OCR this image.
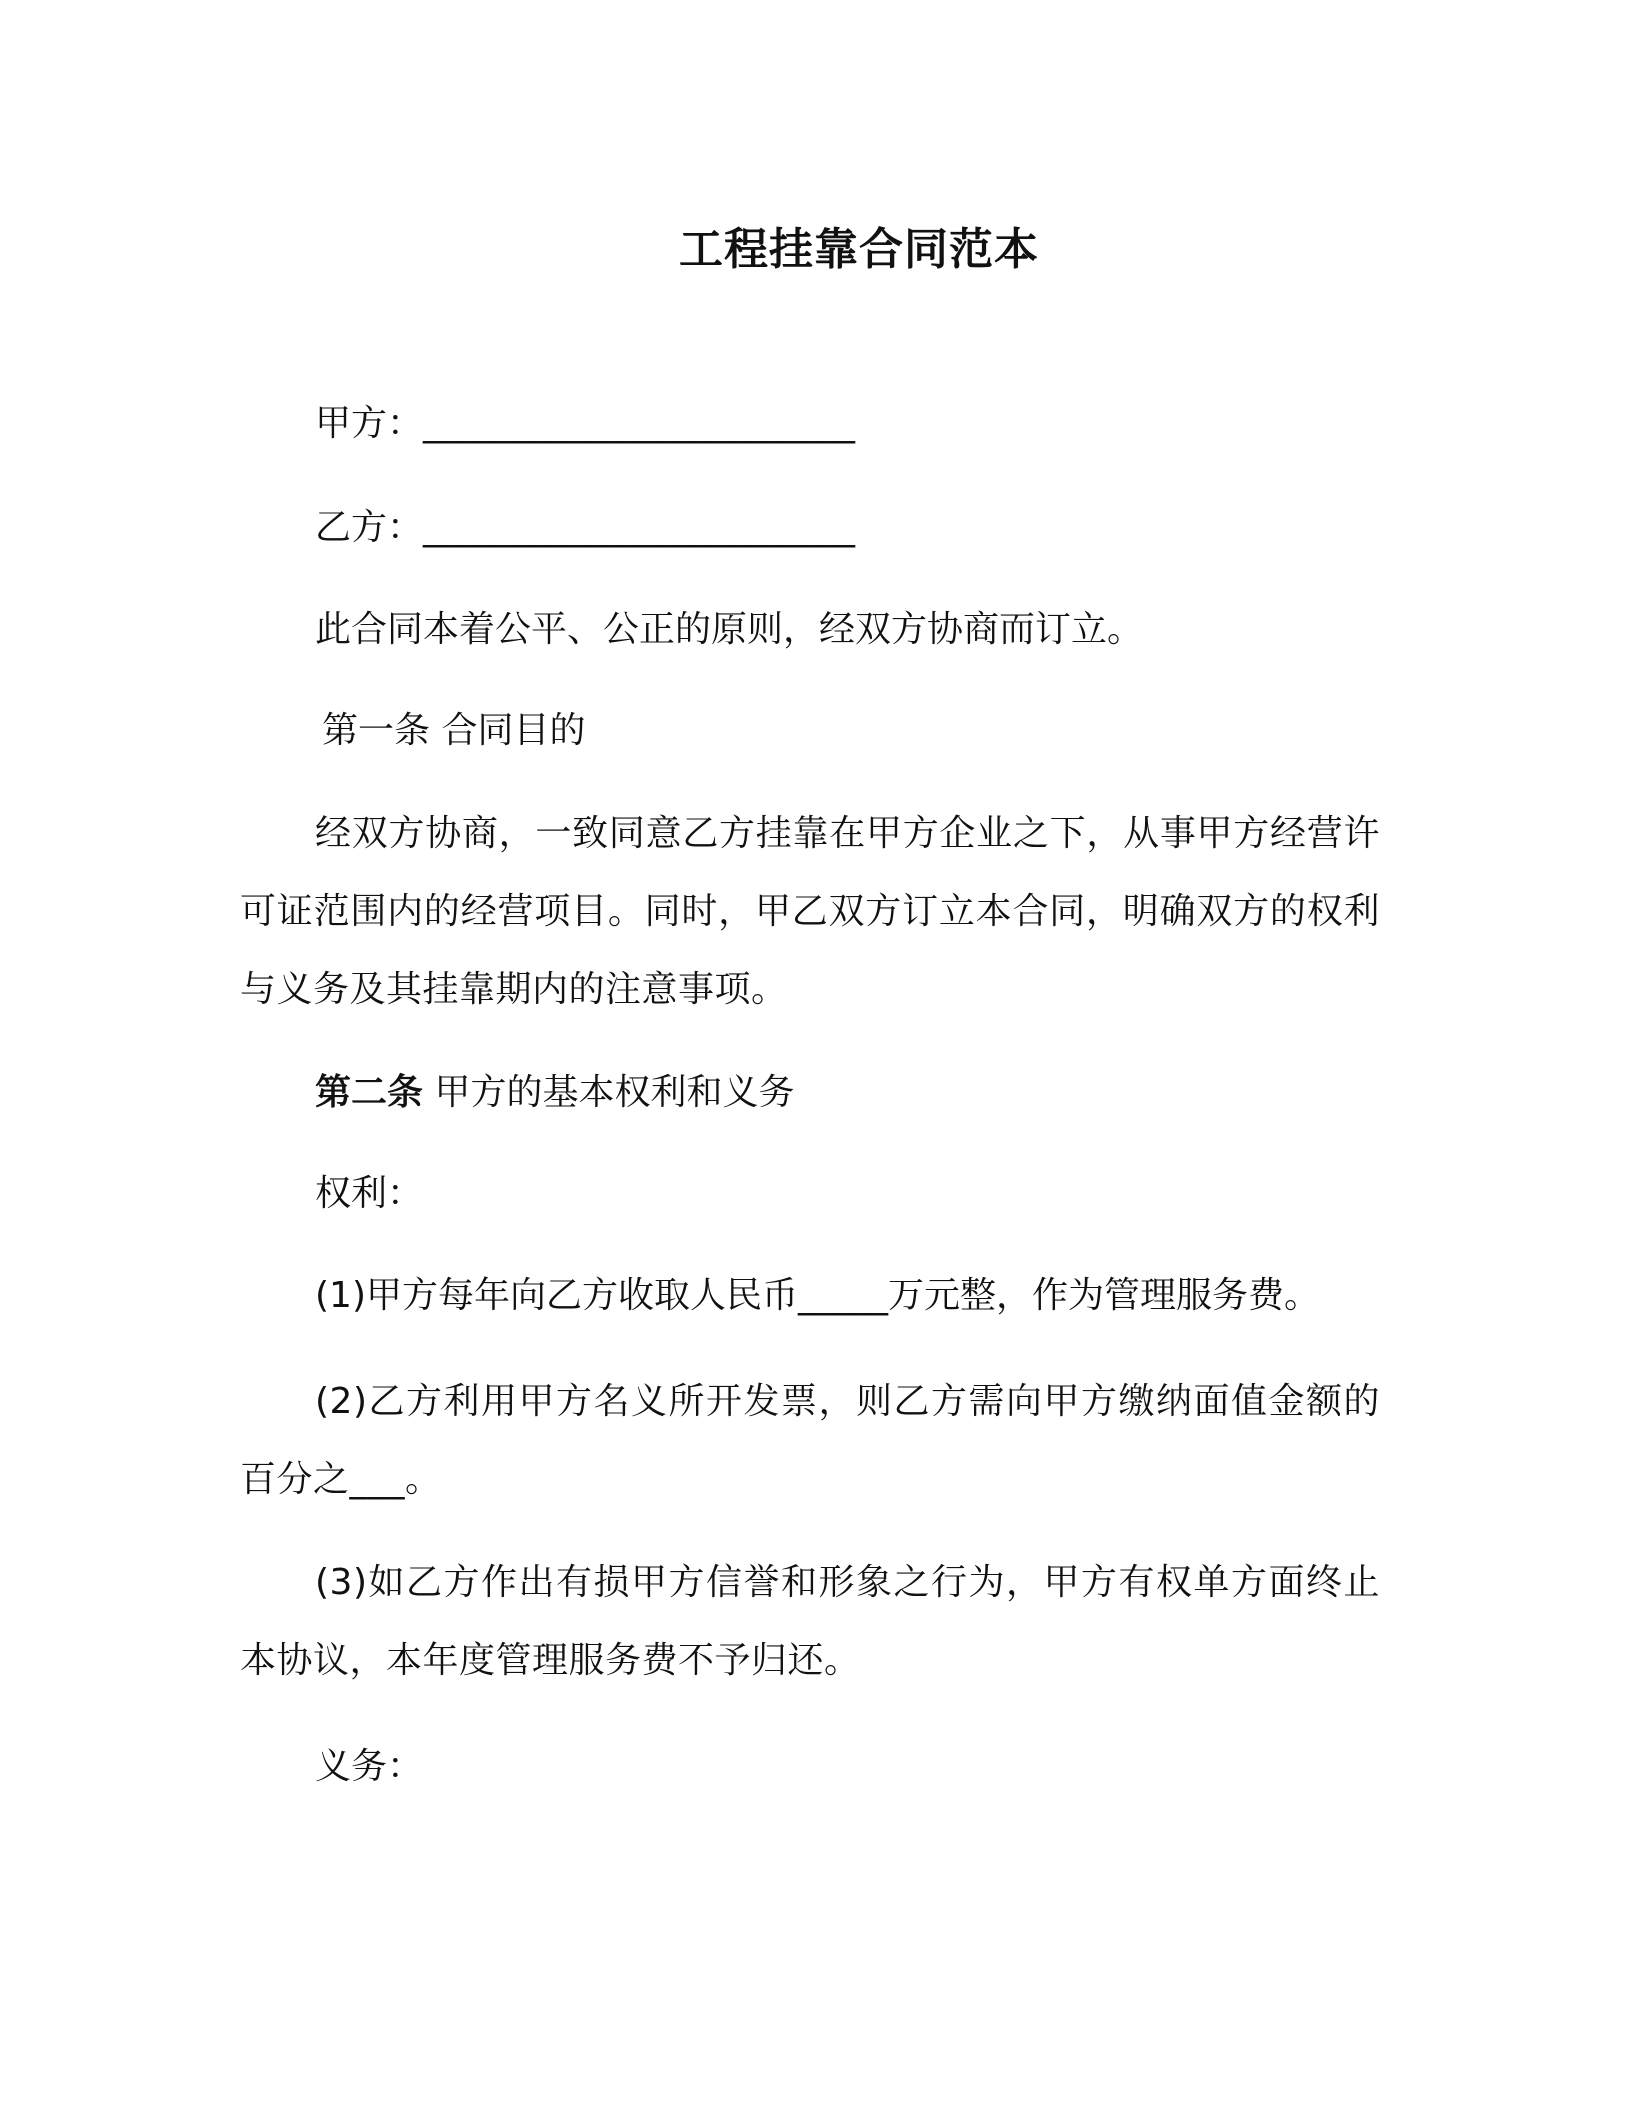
工程挂靠合同范本
甲方：________________________
乙方：________________________
此合同本着公平、公正的原则，经双方协商而订立。
第一条 合同目的
经双方协商，一致同意乙方挂靠在甲方企业之下，从事甲方经营许可证范围内的经营项目。同时，甲乙双方订立本合同，明确双方的权利与义务及其挂靠期内的注意事项。
第二条 甲方的基本权利和义务
权利：
(1)甲方每年向乙方收取人民币_____万元整，作为管理服务费。
(2)乙方利用甲方名义所开发票，则乙方需向甲方缴纳面值金额的百分之___。
(3)如乙方作出有损甲方信誉和形象之行为，甲方有权单方面终止本协议，本年度管理服务费不予归还。
义务：
